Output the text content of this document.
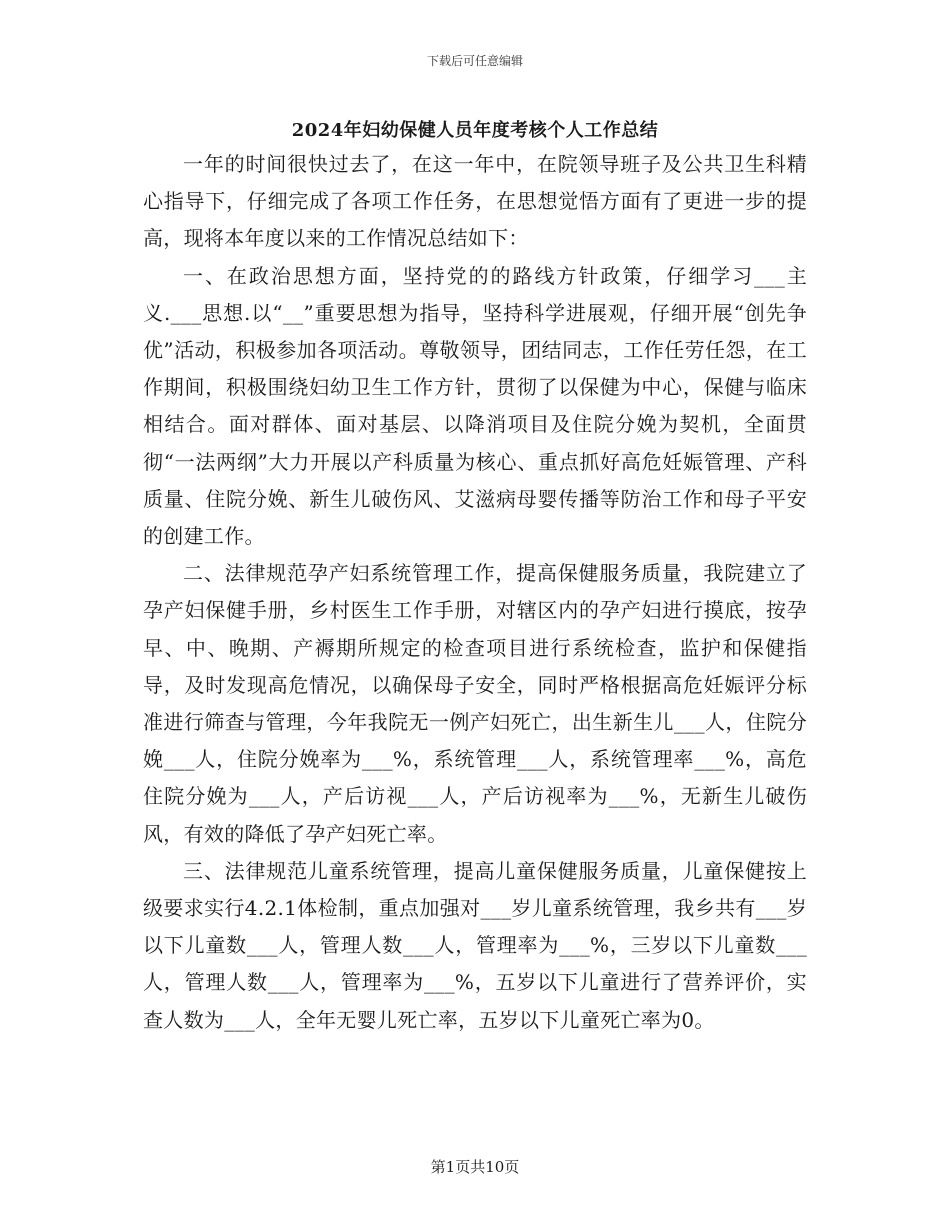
下载后可任意编辑
2024年妇幼保健人员年度考核个人工作总结

一年的时间很快过去了，在这一年中，在院领导班子及公共卫生科精心指导下，仔细完成了各项工作任务，在思想觉悟方面有了更进一步的提高，现将本年度以来的工作情况总结如下：

一、在政治思想方面，坚持党的的路线方针政策，仔细学习___主义.___思想.以“__”重要思想为指导，坚持科学进展观，仔细开展“创先争优”活动，积极参加各项活动。尊敬领导，团结同志，工作任劳任怨，在工作期间，积极围绕妇幼卫生工作方针，贯彻了以保健为中心，保健与临床相结合。面对群体、面对基层、以降消项目及住院分娩为契机，全面贯彻“一法两纲”大力开展以产科质量为核心、重点抓好高危妊娠管理、产科质量、住院分娩、新生儿破伤风、艾滋病母婴传播等防治工作和母子平安的创建工作。

二、法律规范孕产妇系统管理工作，提高保健服务质量，我院建立了孕产妇保健手册，乡村医生工作手册，对辖区内的孕产妇进行摸底，按孕早、中、晚期、产褥期所规定的检查项目进行系统检查，监护和保健指导，及时发现高危情况，以确保母子安全，同时严格根据高危妊娠评分标准进行筛查与管理，今年我院无一例产妇死亡，出生新生儿___人，住院分娩___人，住院分娩率为___%，系统管理___人，系统管理率___%，高危住院分娩为___人，产后访视___人，产后访视率为___%，无新生儿破伤风，有效的降低了孕产妇死亡率。

三、法律规范儿童系统管理，提高儿童保健服务质量，儿童保健按上级要求实行4.2.1体检制，重点加强对___岁儿童系统管理，我乡共有___岁以下儿童数___人，管理人数___人，管理率为___%，三岁以下儿童数___人，管理人数___人，管理率为___%，五岁以下儿童进行了营养评价，实查人数为___人，全年无婴儿死亡率，五岁以下儿童死亡率为0。

第1页共10页
